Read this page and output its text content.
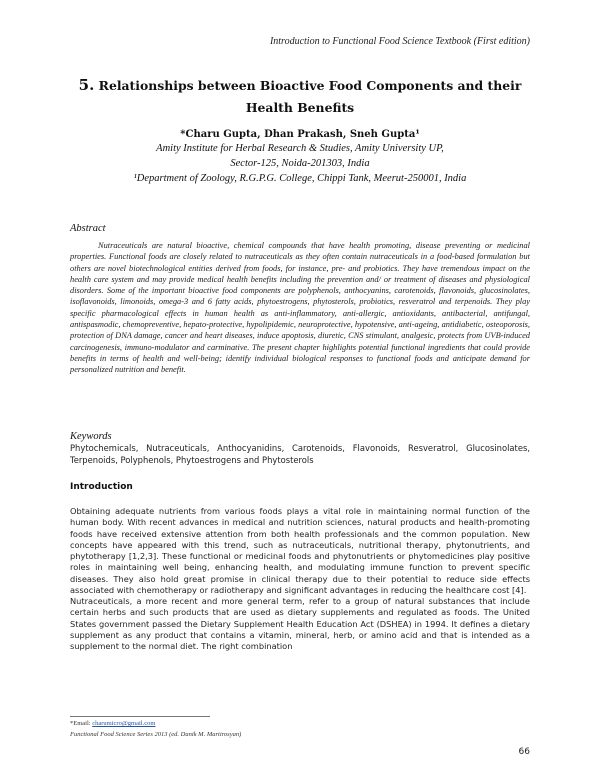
Introduction to Functional Food Science Textbook (First edition)
5. Relationships between Bioactive Food Components and their
Health Benefits
*Charu Gupta, Dhan Prakash, Sneh Gupta¹
Amity Institute for Herbal Research & Studies, Amity University UP,
Sector-125, Noida-201303, India
¹Department of Zoology, R.G.P.G. College, Chippi Tank, Meerut-250001, India
Abstract
Nutraceuticals are natural bioactive, chemical compounds that have health promoting, disease preventing or medicinal properties. Functional foods are closely related to nutraceuticals as they often contain nutraceuticals in a food-based formulation but others are novel biotechnological entities derived from foods, for instance, pre- and probiotics. They have tremendous impact on the health care system and may provide medical health benefits including the prevention and/ or treatment of diseases and physiological disorders. Some of the important bioactive food components are polyphenols, anthocyanins, carotenoids, flavonoids, glucosinolates, isoflavonoids, limonoids, omega-3 and 6 fatty acids, phytoestrogens, phytosterols, probiotics, resveratrol and terpenoids. They play specific pharmacological effects in human health as anti-inflammatory, anti-allergic, antioxidants, antibacterial, antifungal, antispasmodic, chemopreventive, hepato-protective, hypolipidemic, neuroprotective, hypotensive, anti-ageing, antidiabetic, osteoporosis, protection of DNA damage, cancer and heart diseases, induce apoptosis, diuretic, CNS stimulant, analgesic, protects from UVB-induced carcinogenesis, immuno-modulator and carminative. The present chapter highlights potential functional ingredients that could provide benefits in terms of health and well-being; identify individual biological responses to functional foods and anticipate demand for personalized nutrition and benefit.
Keywords
Phytochemicals, Nutraceuticals, Anthocyanidins, Carotenoids, Flavonoids, Resveratrol, Glucosinolates, Terpenoids, Polyphenols, Phytoestrogens and Phytosterols
Introduction

Obtaining adequate nutrients from various foods plays a vital role in maintaining normal function of the human body. With recent advances in medical and nutrition sciences, natural products and health-promoting foods have received extensive attention from both health professionals and the common population. New concepts have appeared with this trend, such as nutraceuticals, nutritional therapy, phytonutrients, and phytotherapy [1,2,3]. These functional or medicinal foods and phytonutrients or phytomedicines play positive roles in maintaining well being, enhancing health, and modulating immune function to prevent specific diseases. They also hold great promise in clinical therapy due to their potential to reduce side effects associated with chemotherapy or radiotherapy and significant advantages in reducing the healthcare cost [4].

Nutraceuticals, a more recent and more general term, refer to a group of natural substances that include certain herbs and such products that are used as dietary supplements and regulated as foods. The United States government passed the Dietary Supplement Health Education Act (DSHEA) in 1994. It defines a dietary supplement as any product that contains a vitamin, mineral, herb, or amino acid and that is intended as a supplement to the normal diet. The right combination

*Email: charumicro@gmail.com
Functional Food Science Series 2013 (ed. Danik M. Martirosyan)
66
